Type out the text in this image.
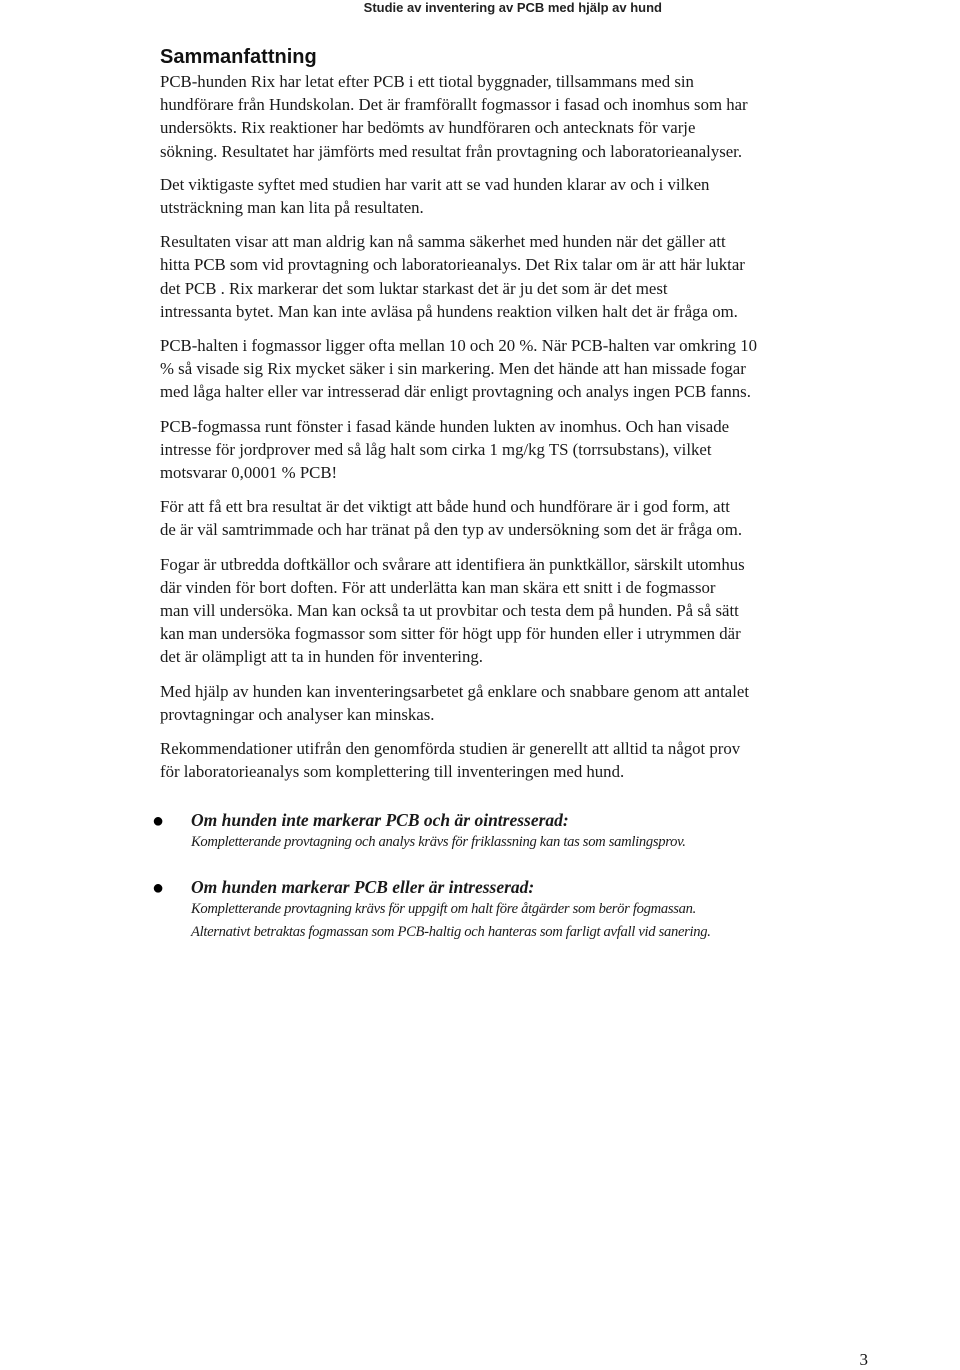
Studie av inventering av PCB med hjälp av hund
Sammanfattning
PCB-hunden Rix har letat efter PCB i ett tiotal byggnader, tillsammans med sin
hundförare från Hundskolan. Det är framförallt fogmassor i fasad och inomhus som har
undersökts. Rix reaktioner har bedömts av hundföraren och antecknats för varje
sökning. Resultatet har jämförts med resultat från provtagning och laboratorieanalyser.
Det viktigaste syftet med studien har varit att se vad hunden klarar av och i vilken
utsträckning man kan lita på resultaten.
Resultaten visar att man aldrig kan nå samma säkerhet med hunden när det gäller att
hitta PCB som vid provtagning och laboratorieanalys. Det Rix talar om är att här luktar
det PCB . Rix markerar det som luktar starkast det är ju det som är det mest
intressanta bytet. Man kan inte avläsa på hundens reaktion vilken halt det är fråga om.
PCB-halten i fogmassor ligger ofta mellan 10 och 20 %. När PCB-halten var omkring 10
% så visade sig Rix mycket säker i sin markering. Men det hände att han missade fogar
med låga halter eller var intresserad där enligt provtagning och analys ingen PCB fanns.
PCB-fogmassa runt fönster i fasad kände hunden lukten av inomhus. Och han visade
intresse för jordprover med så låg halt som cirka 1 mg/kg TS (torrsubstans), vilket
motsvarar 0,0001 % PCB!
För att få ett bra resultat är det viktigt att både hund och hundförare är i god form, att
de är väl samtrimmade och har tränat på den typ av undersökning som det är fråga om.
Fogar är utbredda doftkällor och svårare att identifiera än punktkällor, särskilt utomhus
där vinden för bort doften. För att underlätta kan man skära ett snitt i de fogmassor
man vill undersöka. Man kan också ta ut provbitar och testa dem på hunden. På så sätt
kan man undersöka fogmassor som sitter för högt upp för hunden eller i utrymmen där
det är olämpligt att ta in hunden för inventering.
Med hjälp av hunden kan inventeringsarbetet gå enklare och snabbare genom att antalet
provtagningar och analyser kan minskas.
Rekommendationer utifrån den genomförda studien är generellt att alltid ta något prov
för laboratorieanalys som komplettering till inventeringen med hund.
● Om hunden inte markerar PCB och är ointresserad:
Kompletterande provtagning och analys krävs för friklassning kan tas som samlingsprov.
● Om hunden markerar PCB eller är intresserad:
Kompletterande provtagning krävs för uppgift om halt före åtgärder som berör fogmassan.
Alternativt betraktas fogmassan som PCB-haltig och hanteras som farligt avfall vid sanering.
3
